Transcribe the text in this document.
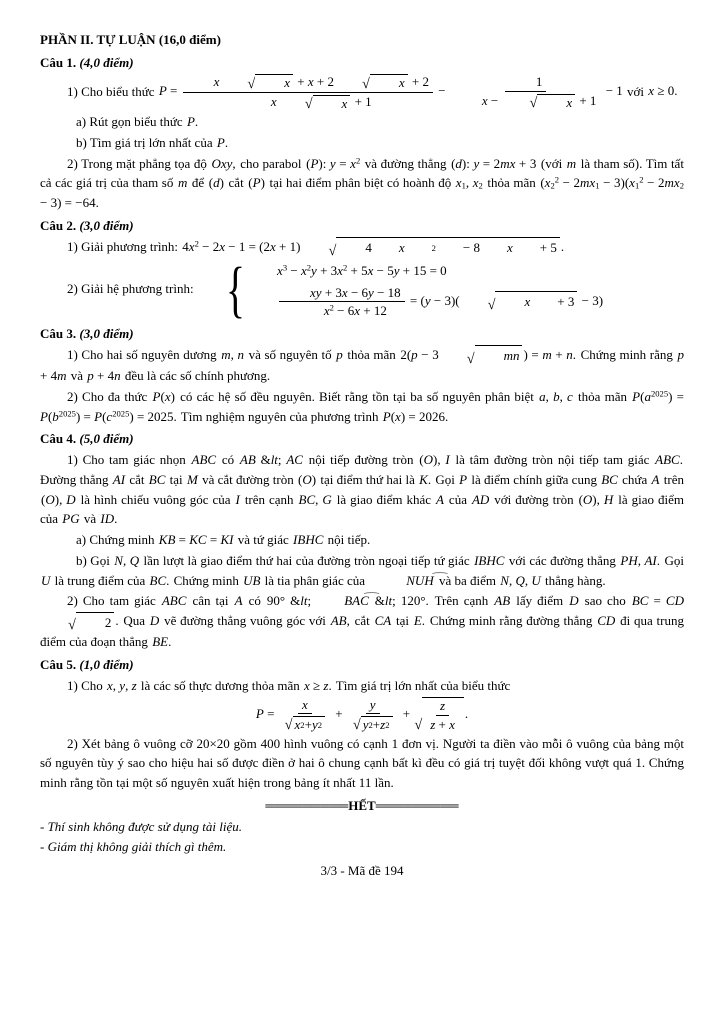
PHẦN II. TỰ LUẬN (16,0 điểm)

Câu 1. (4,0 điểm)

1) Cho biểu thức P = x	√	x + x + 2	√	x + 2
x	√	x + 1 − 1
x −	√	x + 1 − 1 với x ≥ 0.

a) Rút gọn biểu thức P.

b) Tìm giá trị lớn nhất của P.

2) Trong mặt phẳng tọa độ Oxy, cho parabol (P): $y = x^2$ và đường thẳng (d): y = 2mx + 3 (với m là tham số). Tìm tất cả các giá trị của tham số m để (d) cắt (P) tại hai điểm phân biệt có hoành độ $x_1$, $x_2$ thỏa mãn $(x_2^2 - 2mx_1 - 3)(x_1^2 - 2mx_2 - 3) = -64$.

Câu 2. (3,0 điểm)

1) Giải phương trình: $4x^2 - 2x - 1 = (2x + 1)$	√	4	x	2 − 8	x + 5 .

2) Giải hệ phương trình: {	$x^3 - x^2y + 3x^2 + 5x - 5y + 15 = 0$
$\frac{xy + 3x - 6y - 18}{x^2 - 6x + 12} = (y - 3)$(	√	x + 3 − 3)

Câu 3. (3,0 điểm)

1) Cho hai số nguyên dương m, n và số nguyên tố p thỏa mãn 2(p − 3	√	mn ) = m + n. Chứng minh rằng p + 4m và p + 4n đều là các số chính phương.

2) Cho đa thức P(x) có các hệ số đều nguyên. Biết rằng tồn tại ba số nguyên phân biệt a, b, c thỏa mãn $P(a^{2025}) = P(b^{2025}) = P(c^{2025}) = 2025$. Tìm nghiệm nguyên của phương trình P(x) = 2026.

Câu 4. (5,0 điểm)

1) Cho tam giác nhọn ABC có AB &lt; AC nội tiếp đường tròn (O), I là tâm đường tròn nội tiếp tam giác ABC. Đường thẳng AI cắt BC tại M và cắt đường tròn (O) tại điểm thứ hai là K. Gọi P là điểm chính giữa cung BC chứa A trên (O), D là hình chiếu vuông góc của I trên cạnh BC, G là giao điểm khác A của AD với đường tròn (O), H là giao điểm của PG và ID.

a) Chứng minh KB = KC = KI và tứ giác IBHC nội tiếp.

b) Gọi N, Q lần lượt là giao điểm thứ hai của đường tròn ngoại tiếp tứ giác IBHC với các đường thẳng PH, AI. Gọi U là trung điểm của BC. Chứng minh UB là tia phân giác của	⌢ NUH và ba điểm N, Q, U thẳng hàng.

2) Cho tam giác ABC cân tại A có 90° &lt; ⌢ BAC &lt; 120°. Trên cạnh AB lấy điểm D sao cho BC = CD
√	2 . Qua D vẽ đường thẳng vuông góc với AB, cắt CA tại E. Chứng minh rằng đường thẳng CD đi qua trung điểm của đoạn thẳng BE.

Câu 5. (1,0 điểm)

1) Cho x, y, z là các số thực dương thỏa mãn x ≥ z. Tìm giá trị lớn nhất của biểu thức

$P = \frac{x}{√ x 2 + y 2} + \frac{y}{√ y 2 + z 2}$ +
√ $\frac{z}{z + x}$ .

2) Xét bảng ô vuông cỡ 20×20 gồm 400 hình vuông có cạnh 1 đơn vị. Người ta điền vào mỗi ô vuông của bảng một số nguyên tùy ý sao cho hiệu hai số được điền ở hai ô chung cạnh bất kì đều có giá trị tuyệt đối không vượt quá 1. Chứng minh rằng tồn tại một số nguyên xuất hiện trong bảng ít nhất 11 lần.

═════════HẾT═════════

- Thí sinh không được sử dụng tài liệu.

- Giám thị không giải thích gì thêm.

3/3 - Mã đề 194
